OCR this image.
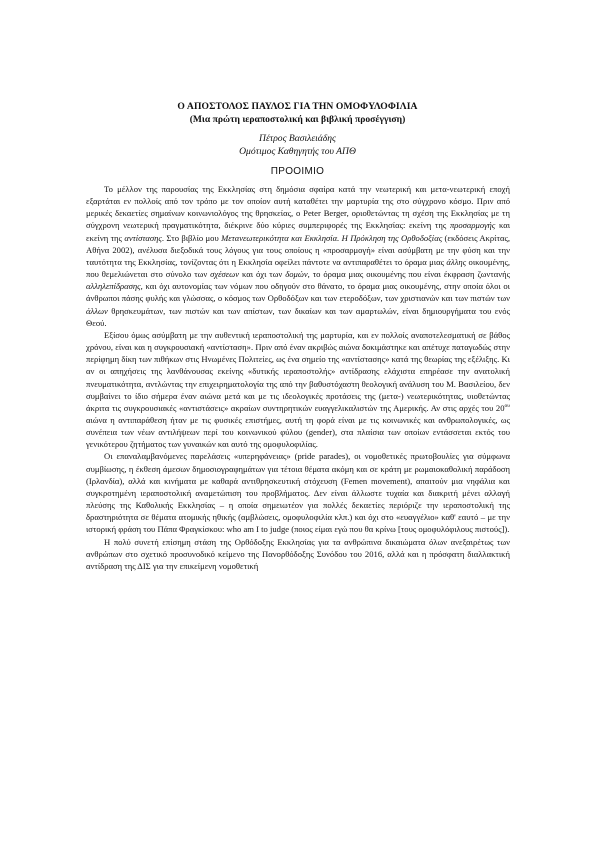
Ο ΑΠΟΣΤΟΛΟΣ ΠΑΥΛΟΣ ΓΙΑ ΤΗΝ ΟΜΟΦΥΛΟΦΙΛΙΑ
(Μια πρώτη ιεραποστολική και βιβλική προσέγγιση)
Πέτρος Βασιλειάδης
Ομότιμος Καθηγητής του ΑΠΘ
ΠΡΟΟΙΜΙΟ

Το μέλλον της παρουσίας της Εκκλησίας στη δημόσια σφαίρα κατά την νεωτερική και μετα-νεωτερική εποχή εξαρτάται εν πολλοίς από τον τρόπο με τον οποίον αυτή καταθέτει την μαρτυρία της στο σύγχρονο κόσμο. Πριν από μερικές δεκαετίες σημαίνων κοινωνιολόγος της θρησκείας, ο Peter Berger, οριοθετώντας τη σχέση της Εκκλησίας με τη σύγχρονη νεωτερική πραγματικότητα, διέκρινε δύο κύριες συμπεριφορές της Εκκλησίας: εκείνη της προσαρμογής και εκείνη της αντίστασης. Στο βιβλίο μου Μετανεωτερικότητα και Εκκλησία. Η Πρόκληση της Ορθοδοξίας (εκδόσεις Ακρίτας, Αθήνα 2002), ανέλυσα διεξοδικά τους λόγους για τους οποίους η «προσαρμογή» είναι ασύμβατη με την φύση και την ταυτότητα της Εκκλησίας, τονίζοντας ότι η Εκκλησία οφείλει πάντοτε να αντιπαραθέτει το όραμα μιας άλλης οικουμένης, που θεμελιώνεται στο σύνολο των σχέσεων και όχι των δομών, το όραμα μιας οικουμένης που είναι έκφραση ζωντανής αλληλεπίδρασης, και όχι αυτονομίας των νόμων που οδηγούν στο θάνατο, το όραμα μιας οικουμένης, στην οποία όλοι οι άνθρωποι πάσης φυλής και γλώσσας, ο κόσμος των Ορθοδόξων και των ετεροδόξων, των χριστιανών και των πιστών των άλλων θρησκευμάτων, των πιστών και των απίστων, των δικαίων και των αμαρτωλών, είναι δημιουργήματα του ενός Θεού.

Εξίσου όμως ασύμβατη με την αυθεντική ιεραποστολική της μαρτυρία, και εν πολλοίς αναποτελεσματική σε βάθος χρόνου, είναι και η συγκρουσιακή «αντίσταση». Πριν από έναν ακριβώς αιώνα δοκιμάστηκε και απέτυχε παταγωδώς στην περίφημη δίκη των πιθήκων στις Ηνωμένες Πολιτείες, ως ένα σημείο της «αντίστασης» κατά της θεωρίας της εξέλιξης. Κι αν οι απηχήσεις της λανθάνουσας εκείνης «δυτικής ιεραποστολής» αντίδρασης ελάχιστα επηρέασε την ανατολική πνευματικότητα, αντλώντας την επιχειρηματολογία της από την βαθυστόχαστη θεολογική ανάλυση του Μ. Βασιλείου, δεν συμβαίνει το ίδιο σήμερα έναν αιώνα μετά και με τις ιδεολογικές προτάσεις της (μετα-) νεωτερικότητας, υιοθετώντας άκριτα τις συγκρουσιακές «αντιστάσεις» ακραίων συντηρητικών ευαγγελικαλιστών της Αμερικής. Αν στις αρχές του $20^{o\upsilon}$ αιώνα η αντιπαράθεση ήταν με τις φυσικές επιστήμες, αυτή τη φορά είναι με τις κοινωνικές και ανθρωπολογικές, ως συνέπεια των νέων αντιλήψεων περί του κοινωνικού φύλου (gender), στα πλαίσια των οποίων εντάσσεται εκτός του γενικότερου ζητήματος των γυναικών και αυτό της ομοφυλοφιλίας.

Οι επαναλαμβανόμενες παρελάσεις «υπερηφάνειας» (pride parades), οι νομοθετικές πρωτοβουλίες για σύμφωνα συμβίωσης, η έκθεση άμεσων δημοσιογραφημάτων για τέτοια θέματα ακόμη και σε κράτη με ρωμαιοκαθολική παράδοση (Ιρλανδία), αλλά και κινήματα με καθαρά αντιθρησκευτική στόχευση (Femen movement), απαιτούν μια νηφάλια και συγκροτημένη ιεραποστολική αναμετώπιση του προβλήματος. Δεν είναι άλλωστε τυχαία και διακριτή μένει αλλαγή πλεύσης της Καθολικής Εκκλησίας – η οποία σημειωτέον για πολλές δεκαετίες περιόριζε την ιεραποστολική της δραστηριότητα σε θέματα ατομικής ηθικής (αμβλώσεις, ομοφυλοφιλία κλπ.) και όχι στο «ευαγγέλιο» καθ' εαυτό – με την ιστορική φράση του Πάπα Φραγκίσκου: who am I to judge (ποιος είμαι εγώ που θα κρίνω [τους ομοφυλόφιλους πιστούς]).

Η πολύ συνετή επίσημη στάση της Ορθόδοξης Εκκλησίας για τα ανθρώπινα δικαιώματα όλων ανεξαιρέτως των ανθρώπων στο σχετικό προσυνοδικό κείμενο της Πανορθόδοξης Συνόδου του 2016, αλλά και η πρόσφατη διαλλακτική αντίδραση της ΔΙΣ για την επικείμενη νομοθετική
